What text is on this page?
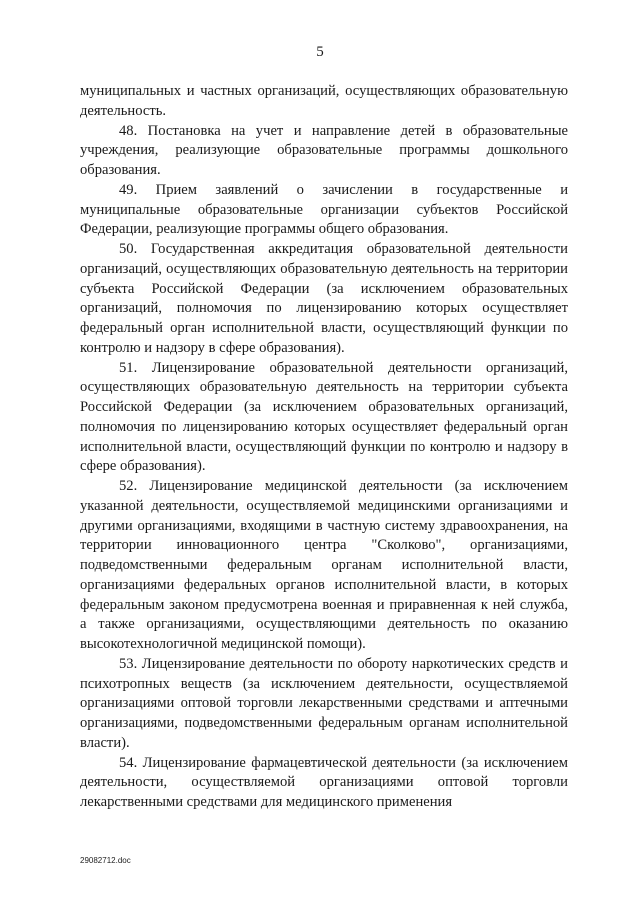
5

муниципальных и частных организаций, осуществляющих образовательную деятельность.

48. Постановка на учет и направление детей в образовательные учреждения, реализующие образовательные программы дошкольного образования.

49. Прием заявлений о зачислении в государственные и муниципальные образовательные организации субъектов Российской Федерации, реализующие программы общего образования.

50. Государственная аккредитация образовательной деятельности организаций, осуществляющих образовательную деятельность на территории субъекта Российской Федерации (за исключением образовательных организаций, полномочия по лицензированию которых осуществляет федеральный орган исполнительной власти, осуществляющий функции по контролю и надзору в сфере образования).

51. Лицензирование образовательной деятельности организаций, осуществляющих образовательную деятельность на территории субъекта Российской Федерации (за исключением образовательных организаций, полномочия по лицензированию которых осуществляет федеральный орган исполнительной власти, осуществляющий функции по контролю и надзору в сфере образования).

52. Лицензирование медицинской деятельности (за исключением указанной деятельности, осуществляемой медицинскими организациями и другими организациями, входящими в частную систему здравоохранения, на территории инновационного центра "Сколково", организациями, подведомственными федеральным органам исполнительной власти, организациями федеральных органов исполнительной власти, в которых федеральным законом предусмотрена военная и приравненная к ней служба, а также организациями, осуществляющими деятельность по оказанию высокотехнологичной медицинской помощи).

53. Лицензирование деятельности по обороту наркотических средств и психотропных веществ (за исключением деятельности, осуществляемой организациями оптовой торговли лекарственными средствами и аптечными организациями, подведомственными федеральным органам исполнительной власти).

54. Лицензирование фармацевтической деятельности (за исключением деятельности, осуществляемой организациями оптовой торговли лекарственными средствами для медицинского применения

29082712.doc
